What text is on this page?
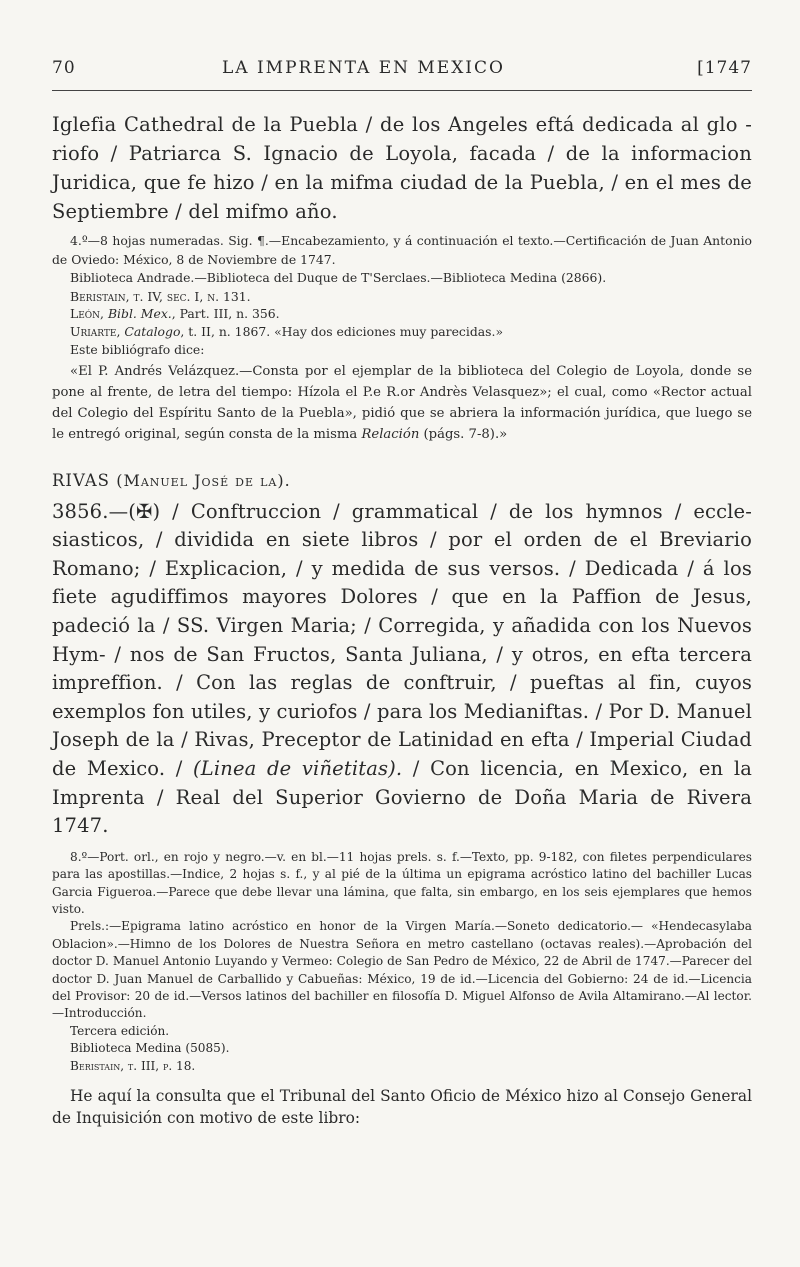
70	LA IMPRENTA EN MEXICO	[1747

Iglefia Cathedral de la Puebla / de los Angeles eftá dedicada al glo - riofo / Patriarca S. Ignacio de Loyola, facada / de la informacion Juridica, que fe hizo / en la mifma ciudad de la Puebla, / en el mes de Septiembre / del mifmo año.

4.º—8 hojas numeradas. Sig. ¶.—Encabezamiento, y á continuación el texto.—Certificación de Juan Antonio de Oviedo: México, 8 de Noviembre de 1747.

Biblioteca Andrade.—Biblioteca del Duque de T'Serclaes.—Biblioteca Medina (2866).

Beristain, t. IV, sec. I, n. 131.

León, Bibl. Mex., Part. III, n. 356.

Uriarte, Catalogo, t. II, n. 1867. «Hay dos ediciones muy parecidas.»

Este bibliógrafo dice:

«El P. Andrés Velázquez.—Consta por el ejemplar de la biblioteca del Colegio de Loyola, donde se pone al frente, de letra del tiempo: Hízola el P.e R.or Andrès Velasquez»; el cual, como «Rector actual del Colegio del Espíritu Santo de la Puebla», pidió que se abriera la información jurídica, que luego se le entregó original, según consta de la misma Relación (págs. 7-8).»

RIVAS (Manuel José de la).

3856.—(✠) / Conftruccion / grammatical / de los hymnos / eccle- siasticos, / dividida en siete libros / por el orden de el Breviario Romano; / Explicacion, / y medida de sus versos. / Dedicada / á los fiete agudiffimos mayores Dolores / que en la Paffion de Jesus, padeció la / SS. Virgen Maria; / Corregida, y añadida con los Nuevos Hym- / nos de San Fructos, Santa Juliana, / y otros, en efta tercera impreffion. / Con las reglas de conftruir, / pueftas al fin, cuyos exemplos fon utiles, y curiofos / para los Medianiftas. / Por D. Manuel Joseph de la / Rivas, Preceptor de Latinidad en efta / Imperial Ciudad de Mexico. / (Linea de viñetitas). / Con licencia, en Mexico, en la Imprenta / Real del Superior Govierno de Doña Maria de Rivera 1747.

8.º—Port. orl., en rojo y negro.—v. en bl.—11 hojas prels. s. f.—Texto, pp. 9-182, con filetes perpendiculares para las apostillas.—Indice, 2 hojas s. f., y al pié de la última un epigrama acróstico latino del bachiller Lucas Garcia Figueroa.—Parece que debe llevar una lámina, que falta, sin embargo, en los seis ejemplares que hemos visto.

Prels.:—Epigrama latino acróstico en honor de la Virgen María.—Soneto dedicatorio.— «Hendecasylaba Oblacion».—Himno de los Dolores de Nuestra Señora en metro castellano (octavas reales).—Aprobación del doctor D. Manuel Antonio Luyando y Vermeo: Colegio de San Pedro de México, 22 de Abril de 1747.—Parecer del doctor D. Juan Manuel de Carballido y Cabueñas: México, 19 de id.—Licencia del Gobierno: 24 de id.—Licencia del Provisor: 20 de id.—Versos latinos del bachiller en filosofía D. Miguel Alfonso de Avila Altamirano.—Al lector.—Introducción.

Tercera edición.

Biblioteca Medina (5085).

Beristain, t. III, p. 18.

He aquí la consulta que el Tribunal del Santo Oficio de México hizo al Consejo General de Inquisición con motivo de este libro:
